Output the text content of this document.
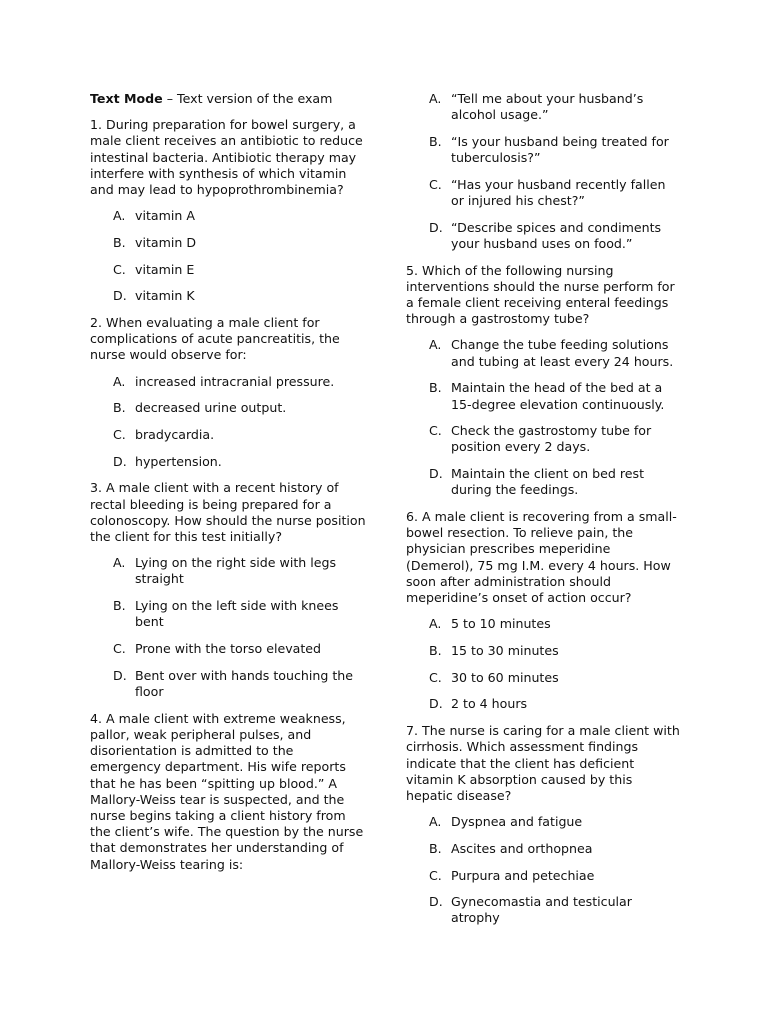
Text Mode – Text version of the exam
1. During preparation for bowel surgery, a male client receives an antibiotic to reduce intestinal bacteria. Antibiotic therapy may interfere with synthesis of which vitamin and may lead to hypoprothrombinemia?
A. vitamin A
B. vitamin D
C. vitamin E
D. vitamin K
2. When evaluating a male client for complications of acute pancreatitis, the nurse would observe for:
A. increased intracranial pressure.
B. decreased urine output.
C. bradycardia.
D. hypertension.
3. A male client with a recent history of rectal bleeding is being prepared for a colonoscopy. How should the nurse position the client for this test initially?
A. Lying on the right side with legs straight
B. Lying on the left side with knees bent
C. Prone with the torso elevated
D. Bent over with hands touching the floor
4. A male client with extreme weakness, pallor, weak peripheral pulses, and disorientation is admitted to the emergency department. His wife reports that he has been “spitting up blood.” A Mallory-Weiss tear is suspected, and the nurse begins taking a client history from the client’s wife. The question by the nurse that demonstrates her understanding of Mallory-Weiss tearing is:
A. “Tell me about your husband’s alcohol usage.”
B. “Is your husband being treated for tuberculosis?”
C. “Has your husband recently fallen or injured his chest?”
D. “Describe spices and condiments your husband uses on food.”
5. Which of the following nursing interventions should the nurse perform for a female client receiving enteral feedings through a gastrostomy tube?
A. Change the tube feeding solutions and tubing at least every 24 hours.
B. Maintain the head of the bed at a 15-degree elevation continuously.
C. Check the gastrostomy tube for position every 2 days.
D. Maintain the client on bed rest during the feedings.
6. A male client is recovering from a small-bowel resection. To relieve pain, the physician prescribes meperidine (Demerol), 75 mg I.M. every 4 hours. How soon after administration should meperidine’s onset of action occur?
A. 5 to 10 minutes
B. 15 to 30 minutes
C. 30 to 60 minutes
D. 2 to 4 hours
7. The nurse is caring for a male client with cirrhosis. Which assessment findings indicate that the client has deficient vitamin K absorption caused by this hepatic disease?
A. Dyspnea and fatigue
B. Ascites and orthopnea
C. Purpura and petechiae
D. Gynecomastia and testicular atrophy
